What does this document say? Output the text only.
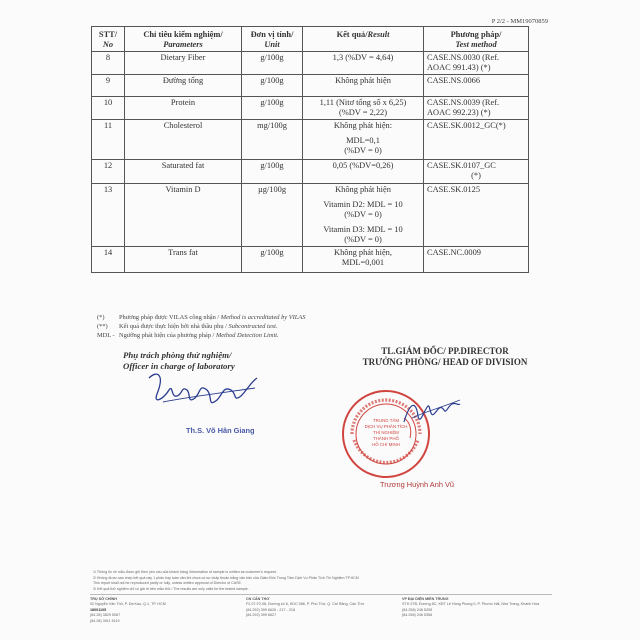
P 2/2 - MM19070859
STT/
No	Chỉ tiêu kiểm nghiệm/
Parameters	Đơn vị tính/
Unit	Kết quả/Result	Phương pháp/
Test method

8	Dietary Fiber	g/100g	1,3 (%DV = 4,64)	CASE.NS.0030 (Ref.
AOAC 991.43) (*)

9	Đường tổng	g/100g	Không phát hiện	CASE.NS.0066

10	Protein	g/100g	1,11 (Nitơ tổng số x 6,25)
(%DV = 2,22)	CASE.NS.0039 (Ref.
AOAC 992.23) (*)

11	Cholesterol	mg/100g	Không phát hiện:
MDL=0,1
(%DV = 0)	CASE.SK.0012_GC(*)

12	Saturated fat	g/100g	0,05 (%DV=0,26)	CASE.SK.0107_GC
(*)

13	Vitamin D	µg/100g	Không phát hiện
Vitamin D2: MDL = 10
(%DV = 0)
Vitamin D3: MDL = 10
(%DV = 0)	CASE.SK.0125

14	Trans fat	g/100g	Không phát hiện,
MDL=0,001	CASE.NC.0009
(*) Phương pháp được VILAS công nhận / Method is accreditated by VILAS
(**) Kết quả được thực hiện bởi nhà thầu phụ / Subcontracted test.
MDL - Ngưỡng phát hiện của phương pháp / Method Detection Limit.
Phụ trách phòng thử nghiệm/
Officer in charge of laboratory
Th.S. Võ Hân Giang
TL.GIÁM ĐỐC/ PP.DIRECTOR
TRƯỞNG PHÒNG/ HEAD OF DIVISION
TRUNG TÂM
DỊCH VỤ PHÂN TÍCH
THÍ NGHIỆM
THÀNH PHỐ
HỒ CHÍ MINH
Trương Huỳnh Anh Vũ
1/ Thông tin về mẫu được ghi theo yêu cầu của khách hàng /Information of sample is written as customer's request.
2/ Không được sao chép kết quả này 1 phần hay toàn văn khi chưa có sự chấp thuận bằng văn bản của Giám Đốc Trung Tâm Dịch Vụ Phân Tích Thí Nghiệm TP.HCM
This report shall not be reproduced partly or fully, unless written approval of Director of CASE.
3/ Kết quả thử nghiệm chỉ có giá trị trên mẫu thử / The results are only valid for the tested sample.
TRỤ SỞ CHÍNH
02 Nguyễn Văn Thủ, P. Đa Kao, Q.1, TP. HCM
18001105
(84.28) 3829 5087
(84.28) 3911 5119
CN CẦN THƠ
F2.07-F2.08, Đường số 6, KDC 586, P. Phú Thứ, Q. Cái Răng, Cần Thơ
(84.292) 399 6626 - 217 - 218
(84.292) 399 6627
VP ĐẠI DIỆN MIỀN TRUNG
STH 27B, Đường 8C, KĐT Lê Hồng Phong II, P. Phước Hải, Nha Trang, Khánh Hòa
(84.258) 246 5255
(84.258) 246 5356
